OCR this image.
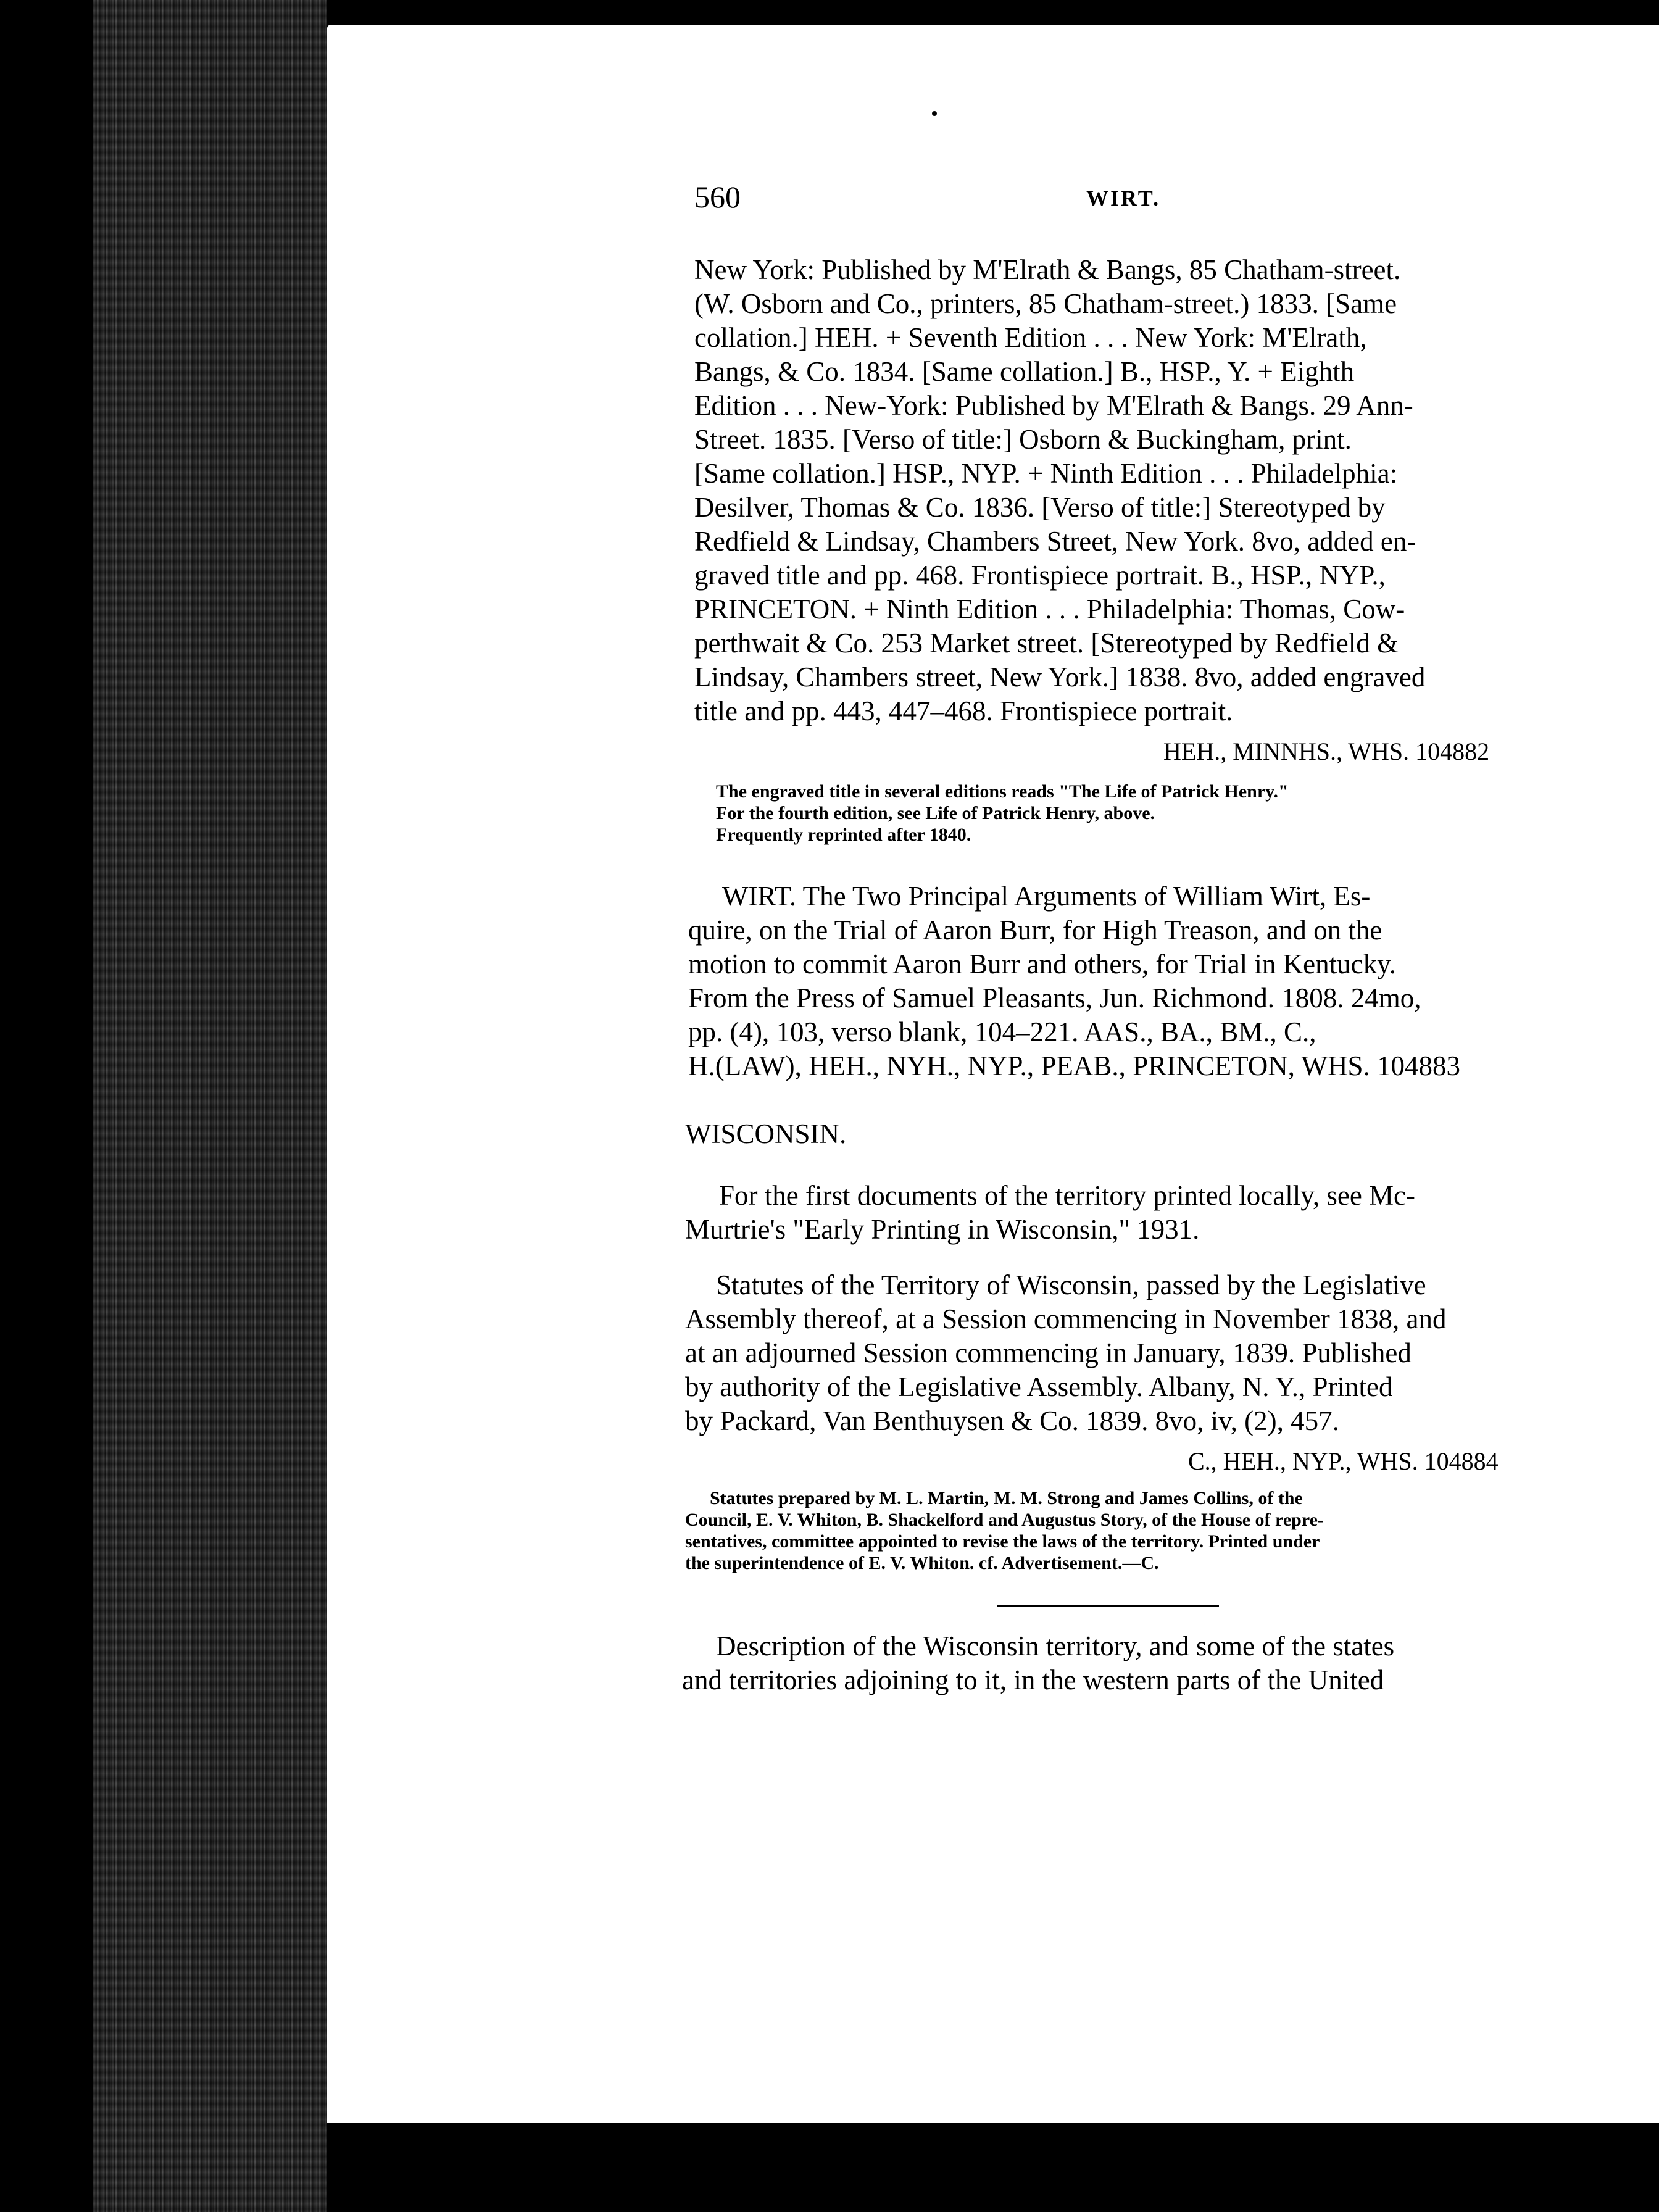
560	WIRT.
New York: Published by M'Elrath & Bangs, 85 Chatham-street.
(W. Osborn and Co., printers, 85 Chatham-street.) 1833. [Same
collation.] HEH. + Seventh Edition . . . New York: M'Elrath,
Bangs, & Co. 1834. [Same collation.] B., HSP., Y. + Eighth
Edition . . . New-York: Published by M'Elrath & Bangs. 29 Ann-
Street. 1835. [Verso of title:] Osborn & Buckingham, print.
[Same collation.] HSP., NYP. + Ninth Edition . . . Philadelphia:
Desilver, Thomas & Co. 1836. [Verso of title:] Stereotyped by
Redfield & Lindsay, Chambers Street, New York. 8vo, added en-
graved title and pp. 468. Frontispiece portrait. B., HSP., NYP.,
PRINCETON. + Ninth Edition . . . Philadelphia: Thomas, Cow-
perthwait & Co. 253 Market street. [Stereotyped by Redfield &
Lindsay, Chambers street, New York.] 1838. 8vo, added engraved
title and pp. 443, 447–468. Frontispiece portrait.
HEH., MINNHS., WHS. 104882
The engraved title in several editions reads "The Life of Patrick Henry."
For the fourth edition, see Life of Patrick Henry, above.
Frequently reprinted after 1840.
WIRT. The Two Principal Arguments of William Wirt, Es-
quire, on the Trial of Aaron Burr, for High Treason, and on the
motion to commit Aaron Burr and others, for Trial in Kentucky.
From the Press of Samuel Pleasants, Jun. Richmond. 1808. 24mo,
pp. (4), 103, verso blank, 104–221. AAS., BA., BM., C.,
H.(LAW), HEH., NYH., NYP., PEAB., PRINCETON, WHS. 104883
WISCONSIN.
For the first documents of the territory printed locally, see Mc-
Murtrie's "Early Printing in Wisconsin," 1931.
Statutes of the Territory of Wisconsin, passed by the Legislative
Assembly thereof, at a Session commencing in November 1838, and
at an adjourned Session commencing in January, 1839. Published
by authority of the Legislative Assembly. Albany, N. Y., Printed
by Packard, Van Benthuysen & Co. 1839. 8vo, iv, (2), 457.
C., HEH., NYP., WHS. 104884
Statutes prepared by M. L. Martin, M. M. Strong and James Collins, of the
Council, E. V. Whiton, B. Shackelford and Augustus Story, of the House of repre-
sentatives, committee appointed to revise the laws of the territory. Printed under
the superintendence of E. V. Whiton. cf. Advertisement.—C.
Description of the Wisconsin territory, and some of the states
and territories adjoining to it, in the western parts of the United
